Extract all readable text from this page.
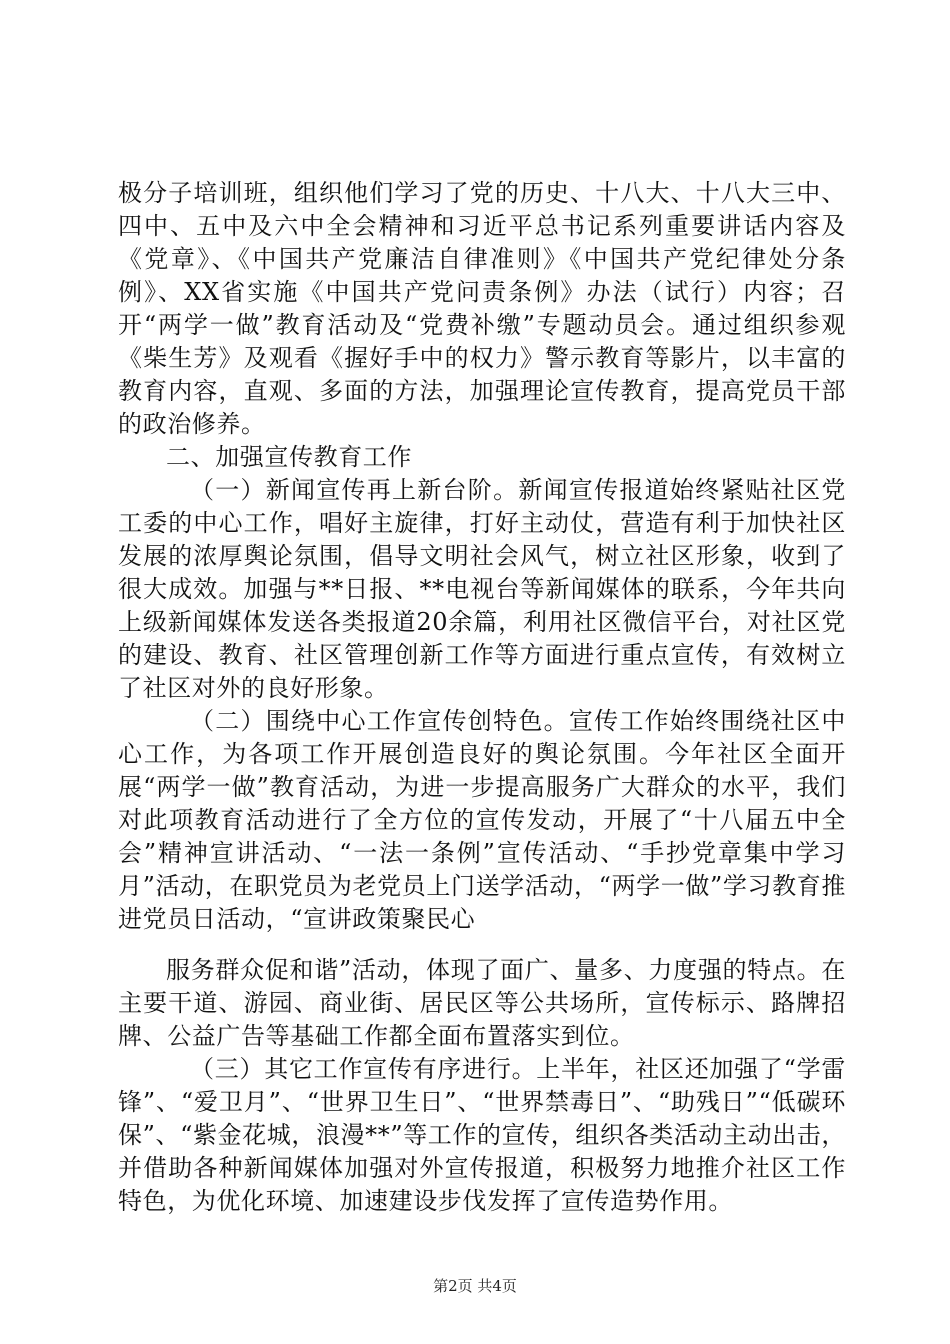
极分子培训班，组织他们学习了党的历史、十八大、十八大三中、四中、五中及六中全会精神和习近平总书记系列重要讲话内容及《党章》、《中国共产党廉洁自律准则》《中国共产党纪律处分条例》、XX省实施《中国共产党问责条例》办法（试行）内容；召开“两学一做”教育活动及“党费补缴”专题动员会。通过组织参观《柴生芳》及观看《握好手中的权力》警示教育等影片，以丰富的教育内容，直观、多面的方法，加强理论宣传教育，提高党员干部的政治修养。

二、加强宣传教育工作

（一）新闻宣传再上新台阶。新闻宣传报道始终紧贴社区党工委的中心工作，唱好主旋律，打好主动仗，营造有利于加快社区发展的浓厚舆论氛围，倡导文明社会风气，树立社区形象，收到了很大成效。加强与**日报、**电视台等新闻媒体的联系，今年共向上级新闻媒体发送各类报道20余篇，利用社区微信平台，对社区党的建设、教育、社区管理创新工作等方面进行重点宣传，有效树立了社区对外的良好形象。

（二）围绕中心工作宣传创特色。宣传工作始终围绕社区中心工作，为各项工作开展创造良好的舆论氛围。今年社区全面开展“两学一做”教育活动，为进一步提高服务广大群众的水平，我们对此项教育活动进行了全方位的宣传发动，开展了“十八届五中全会”精神宣讲活动、“一法一条例”宣传活动、“手抄党章集中学习月”活动，在职党员为老党员上门送学活动，“两学一做”学习教育推进党员日活动，“宣讲政策聚民心

服务群众促和谐”活动，体现了面广、量多、力度强的特点。在主要干道、游园、商业街、居民区等公共场所，宣传标示、路牌招牌、公益广告等基础工作都全面布置落实到位。

（三）其它工作宣传有序进行。上半年，社区还加强了“学雷锋”、“爱卫月”、“世界卫生日”、“世界禁毒日”、“助残日”“低碳环保”、“紫金花城，浪漫**”等工作的宣传，组织各类活动主动出击，并借助各种新闻媒体加强对外宣传报道，积极努力地推介社区工作特色，为优化环境、加速建设步伐发挥了宣传造势作用。

第2页 共4页
